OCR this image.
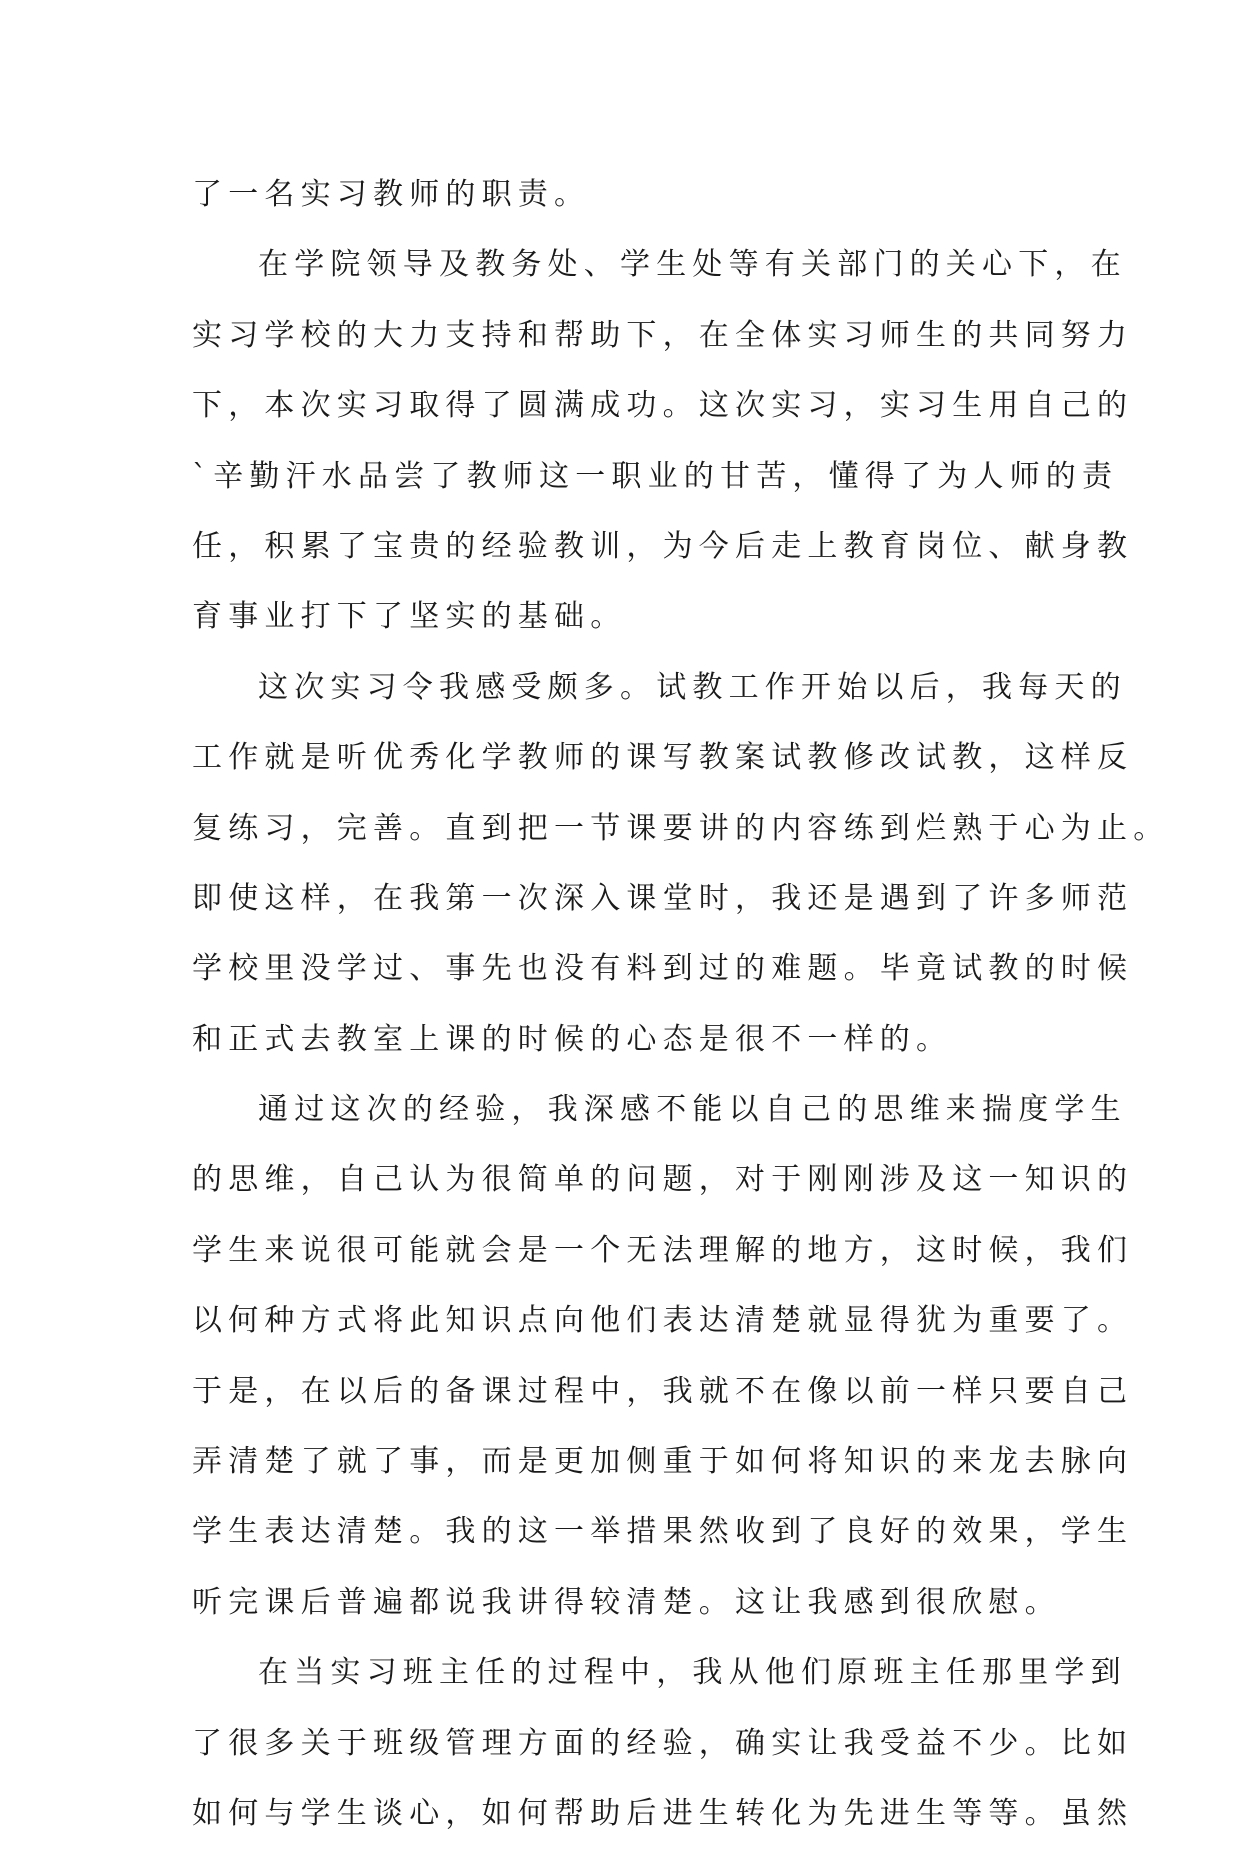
了一名实习教师的职责。
在学院领导及教务处、学生处等有关部门的关心下，在
实习学校的大力支持和帮助下，在全体实习师生的共同努力
下，本次实习取得了圆满成功。这次实习，实习生用自己的
`辛勤汗水品尝了教师这一职业的甘苦，懂得了为人师的责
任，积累了宝贵的经验教训，为今后走上教育岗位、献身教
育事业打下了坚实的基础。
这次实习令我感受颇多。试教工作开始以后，我每天的
工作就是听优秀化学教师的课写教案试教修改试教，这样反
复练习，完善。直到把一节课要讲的内容练到烂熟于心为止。
即使这样，在我第一次深入课堂时，我还是遇到了许多师范
学校里没学过、事先也没有料到过的难题。毕竟试教的时候
和正式去教室上课的时候的心态是很不一样的。
通过这次的经验，我深感不能以自己的思维来揣度学生
的思维，自己认为很简单的问题，对于刚刚涉及这一知识的
学生来说很可能就会是一个无法理解的地方，这时候，我们
以何种方式将此知识点向他们表达清楚就显得犹为重要了。
于是，在以后的备课过程中，我就不在像以前一样只要自己
弄清楚了就了事，而是更加侧重于如何将知识的来龙去脉向
学生表达清楚。我的这一举措果然收到了良好的效果，学生
听完课后普遍都说我讲得较清楚。这让我感到很欣慰。
在当实习班主任的过程中，我从他们原班主任那里学到
了很多关于班级管理方面的经验，确实让我受益不少。比如
如何与学生谈心，如何帮助后进生转化为先进生等等。虽然
